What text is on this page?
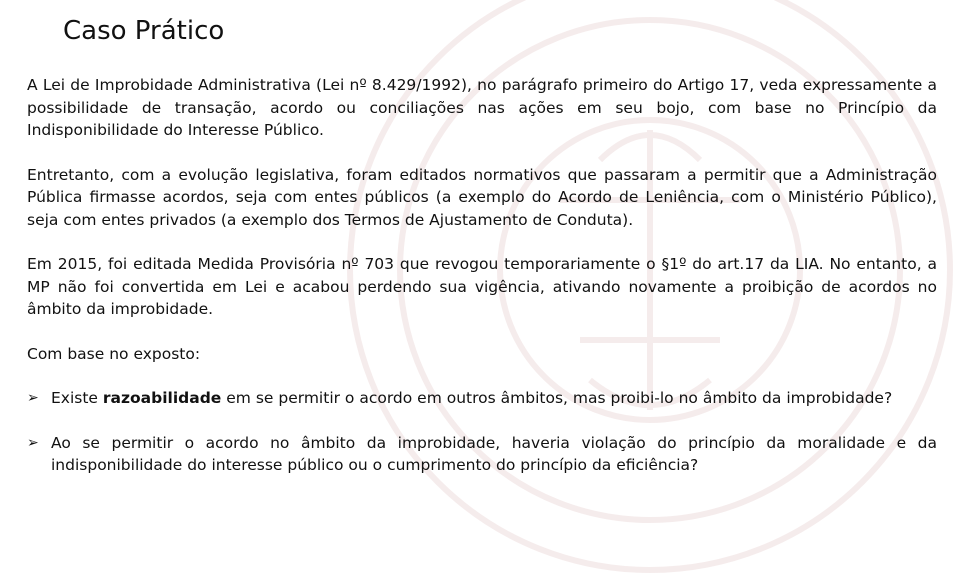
Caso Prático

A Lei de Improbidade Administrativa (Lei nº 8.429/1992), no parágrafo primeiro do Artigo 17, veda expressamente a possibilidade de transação, acordo ou conciliações nas ações em seu bojo, com base no Princípio da Indisponibilidade do Interesse Público.

Entretanto, com a evolução legislativa, foram editados normativos que passaram a permitir que a Administração Pública firmasse acordos, seja com entes públicos (a exemplo do Acordo de Leniência, com o Ministério Público), seja com entes privados (a exemplo dos Termos de Ajustamento de Conduta).

Em 2015, foi editada Medida Provisória nº 703 que revogou temporariamente o §1º do art.17 da LIA. No entanto, a MP não foi convertida em Lei e acabou perdendo sua vigência, ativando novamente a proibição de acordos no âmbito da improbidade.

Com base no exposto:

➢ Existe razoabilidade em se permitir o acordo em outros âmbitos, mas proibi-lo no âmbito da improbidade?
➢ Ao se permitir o acordo no âmbito da improbidade, haveria violação do princípio da moralidade e da indisponibilidade do interesse público ou o cumprimento do princípio da eficiência?
